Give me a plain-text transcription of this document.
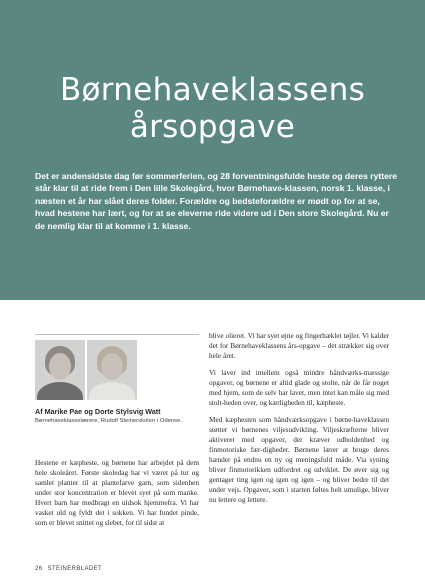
Børnehaveklassens
årsopgave
Det er andensidste dag før sommerferien, og 28 forventningsfulde heste og deres ryttere står klar til at ride frem i Den lille Skolegård, hvor Børnehave-klassen, norsk 1. klasse, i næsten et år har slået deres folder. Forældre og bedsteforældre er mødt op for at se, hvad hestene har lært, og for at se eleverne ride videre ud i Den store Skolegård. Nu er de nemlig klar til at komme i 1. klasse.
Af Marike Pae og Dorte Stylsvig Watt
Børnehaveklasselærere, Rudolf Steinerskolen i Odense.

Hestene er kæpheste, og børnene har arbejdet på dem hele skoleåret. Første skoledag har vi været på tur og samlet planter til at plantefarve garn, som sidenhen under stor koncentration er blevet syet på som manke. Hvert barn har medbragt en uldsok hjemmefra. Vi har vasket uld og fyldt det i sokken. Vi har fundet pinde, som er blevet snittet og slebet, for til sidst at

blive olieret. Vi har syet øjne og fingerhæklet tøjler. Vi kalder det for Børnehaveklassens års-opgave – det strækker sig over hele året.

Vi laver ind imellem også mindre håndværks-mæssige opgaver, og børnene er altid glade og stolte, når de får noget med hjem, som de selv har lavet, men intet kan måle sig med stolt-heden over, og kærligheden til, kæpheste.

Med kæphesten som håndværksopgave i børne-haveklassen støtter vi børnenes viljesudvikling. Viljeskræfterne bliver aktiveret med opgaver, der kræver udholdenhed og finmotoriske fær-digheder. Børnene lærer at bruge deres hænder på endnu en ny og meningsfuld måde. Via syning bliver finmotorikken udfordret og udviklet. De øver sig og gentager ting igen og igen og igen – og bliver bedre til det under vejs. Opgaver, som i starten føltes helt umulige, bliver nu lettere og lettere.

26 STEINERBLADET
